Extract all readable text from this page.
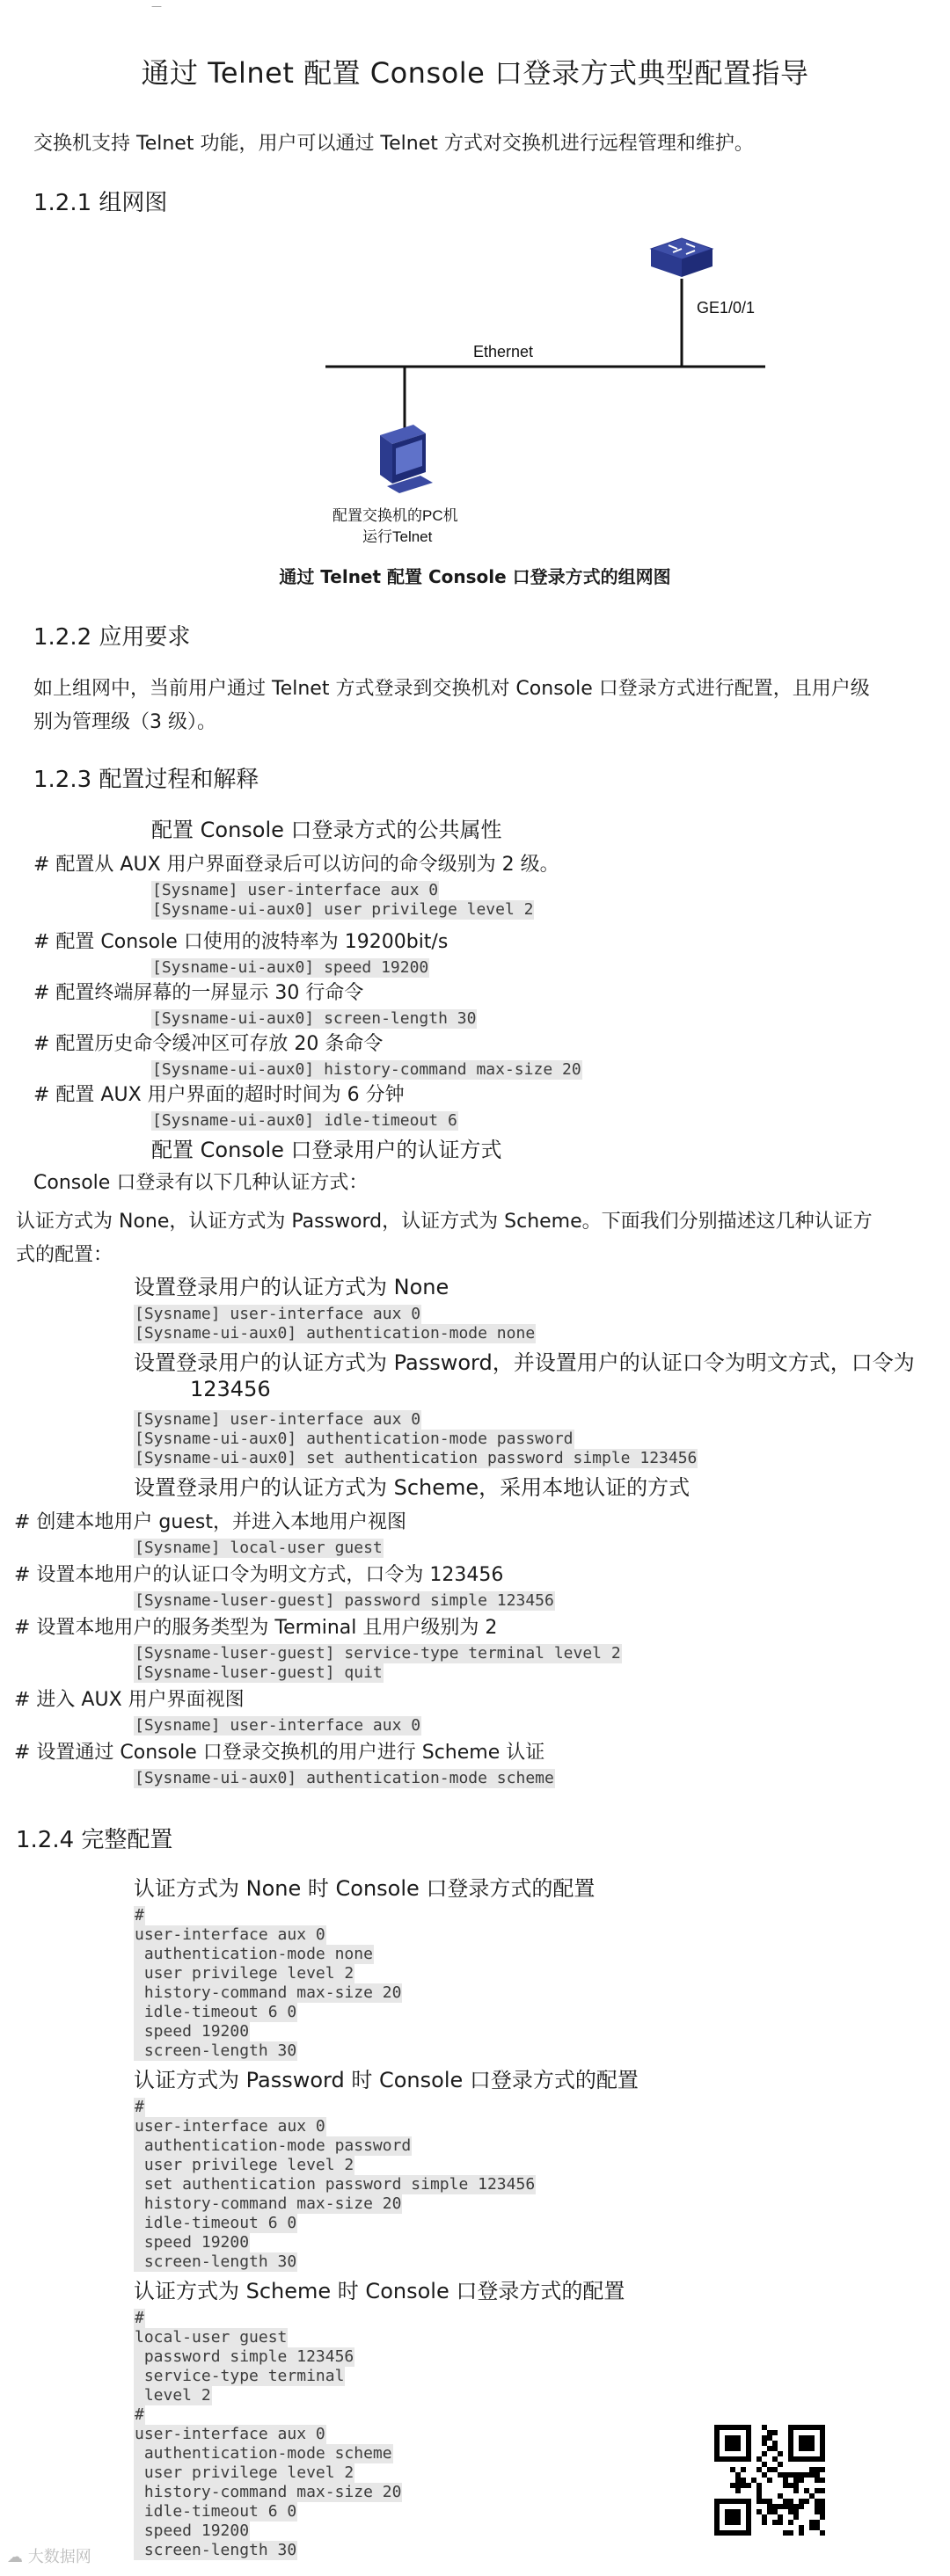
—
通过 Telnet 配置 Console 口登录方式典型配置指导
交换机支持 Telnet 功能，用户可以通过 Telnet 方式对交换机进行远程管理和维护。
1.2.1 组网图
GE1/0/1
Ethernet
配置交换机的PC机
运行Telnet
通过 Telnet 配置 Console 口登录方式的组网图
1.2.2 应用要求
如上组网中，当前用户通过 Telnet 方式登录到交换机对 Console 口登录方式进行配置，且用户级
别为管理级（3 级）。
1.2.3 配置过程和解释
配置 Console 口登录方式的公共属性
# 配置从 AUX 用户界面登录后可以访问的命令级别为 2 级。
[Sysname] user-interface aux 0
[Sysname-ui-aux0] user privilege level 2
# 配置 Console 口使用的波特率为 19200bit/s
[Sysname-ui-aux0] speed 19200
# 配置终端屏幕的一屏显示 30 行命令
[Sysname-ui-aux0] screen-length 30
# 配置历史命令缓冲区可存放 20 条命令
[Sysname-ui-aux0] history-command max-size 20
# 配置 AUX 用户界面的超时时间为 6 分钟
[Sysname-ui-aux0] idle-timeout 6
配置 Console 口登录用户的认证方式
Console 口登录有以下几种认证方式：
认证方式为 None，认证方式为 Password，认证方式为 Scheme。下面我们分别描述这几种认证方
式的配置：
设置登录用户的认证方式为 None
[Sysname] user-interface aux 0
[Sysname-ui-aux0] authentication-mode none
设置登录用户的认证方式为 Password，并设置用户的认证口令为明文方式，口令为
123456
[Sysname] user-interface aux 0
[Sysname-ui-aux0] authentication-mode password
[Sysname-ui-aux0] set authentication password simple 123456
设置登录用户的认证方式为 Scheme，采用本地认证的方式
# 创建本地用户 guest，并进入本地用户视图
[Sysname] local-user guest
# 设置本地用户的认证口令为明文方式，口令为 123456
[Sysname-luser-guest] password simple 123456
# 设置本地用户的服务类型为 Terminal 且用户级别为 2
[Sysname-luser-guest] service-type terminal level 2
[Sysname-luser-guest] quit
# 进入 AUX 用户界面视图
[Sysname] user-interface aux 0
# 设置通过 Console 口登录交换机的用户进行 Scheme 认证
[Sysname-ui-aux0] authentication-mode scheme
1.2.4 完整配置
认证方式为 None 时 Console 口登录方式的配置
#
user-interface aux 0
authentication-mode none
user privilege level 2
history-command max-size 20
idle-timeout 6 0
speed 19200
screen-length 30
认证方式为 Password 时 Console 口登录方式的配置
#
user-interface aux 0
authentication-mode password
user privilege level 2
set authentication password simple 123456
history-command max-size 20
idle-timeout 6 0
speed 19200
screen-length 30
认证方式为 Scheme 时 Console 口登录方式的配置
#
local-user guest
password simple 123456
service-type terminal
level 2
#
user-interface aux 0
authentication-mode scheme
user privilege level 2
history-command max-size 20
idle-timeout 6 0
speed 19200
screen-length 30
☁ 大数据网
